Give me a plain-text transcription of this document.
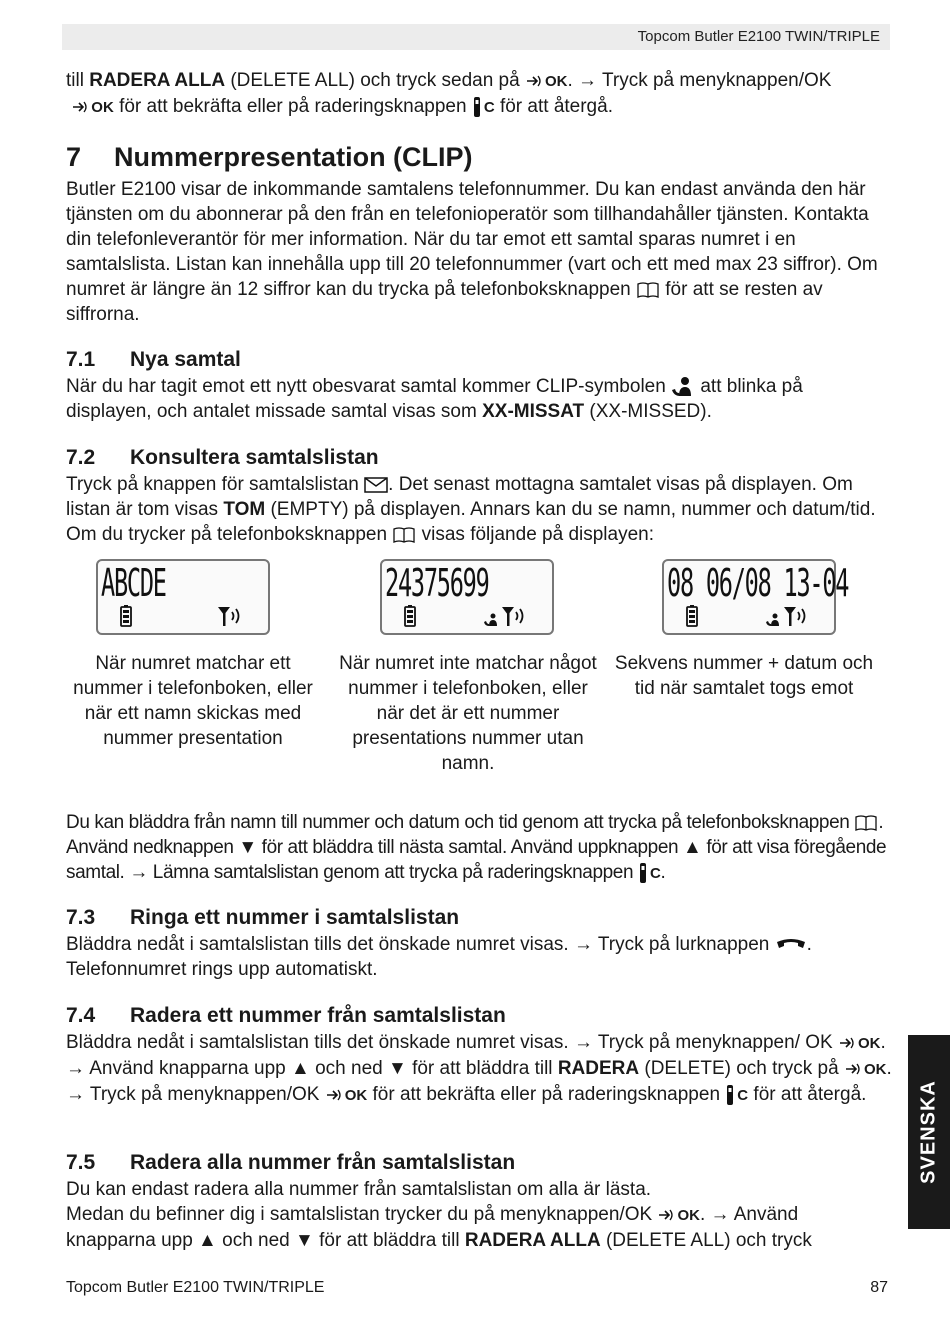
Topcom Butler E2100 TWIN/TRIPLE

till RADERA ALLA (DELETE ALL) och tryck sedan på OK. → Tryck på menyknappen/OK
OK för att bekräfta eller på raderingsknappen C för att återgå.

7 Nummerpresentation (CLIP)

Butler E2100 visar de inkommande samtalens telefonnummer. Du kan endast använda den här tjänsten om du abonnerar på den från en telefonioperatör som tillhandahåller tjänsten. Kontakta din telefonleverantör för mer information. När du tar emot ett samtal sparas numret i en samtalslista. Listan kan innehålla upp till 20 telefonnummer (vart och ett med max 23 siffror). Om numret är längre än 12 siffror kan du trycka på telefonboksknappen  för att se resten av siffrorna.

7.1 Nya samtal

När du har tagit emot ett nytt obesvarat samtal kommer CLIP-symbolen  att blinka på displayen, och antalet missade samtal visas som XX-MISSAT (XX-MISSED).

7.2 Konsultera samtalslistan

Tryck på knappen för samtalslistan . Det senast mottagna samtalet visas på displayen. Om listan är tom visas TOM (EMPTY) på displayen. Annars kan du se namn, nummer och datum/tid. Om du trycker på telefonboksknappen  visas följande på displayen:

ABCDE	24375699	08 06/08 13-04

När numret matchar ett nummer i telefonboken, eller när ett namn skickas med nummer presentation

När numret inte matchar något nummer i telefonboken, eller när det är ett nummer presentations nummer utan namn.

Sekvens nummer + datum och tid när samtalet togs emot

Du kan bläddra från namn till nummer och datum och tid genom att trycka på telefonboksknappen . Använd nedknappen ▼ för att bläddra till nästa samtal. Använd uppknappen ▲ för att visa föregående samtal. → Lämna samtalslistan genom att trycka på raderingsknappen C.

7.3 Ringa ett nummer i samtalslistan

Bläddra nedåt i samtalslistan tills det önskade numret visas. → Tryck på lurknappen . Telefonnumret rings upp automatiskt.

7.4 Radera ett nummer från samtalslistan

Bläddra nedåt i samtalslistan tills det önskade numret visas. → Tryck på menyknappen/ OK OK. → Använd knapparna upp ▲ och ned ▼ för att bläddra till RADERA (DELETE) och tryck på OK. → Tryck på menyknappen/OK OK för att bekräfta eller på raderingsknappen C för att återgå.

7.5 Radera alla nummer från samtalslistan

Du kan endast radera alla nummer från samtalslistan om alla är lästa.
Medan du befinner dig i samtalslistan trycker du på menyknappen/OK OK. → Använd knapparna upp ▲ och ned ▼ för att bläddra till RADERA ALLA (DELETE ALL) och tryck

SVENSKA
Topcom Butler E2100 TWIN/TRIPLE	87
